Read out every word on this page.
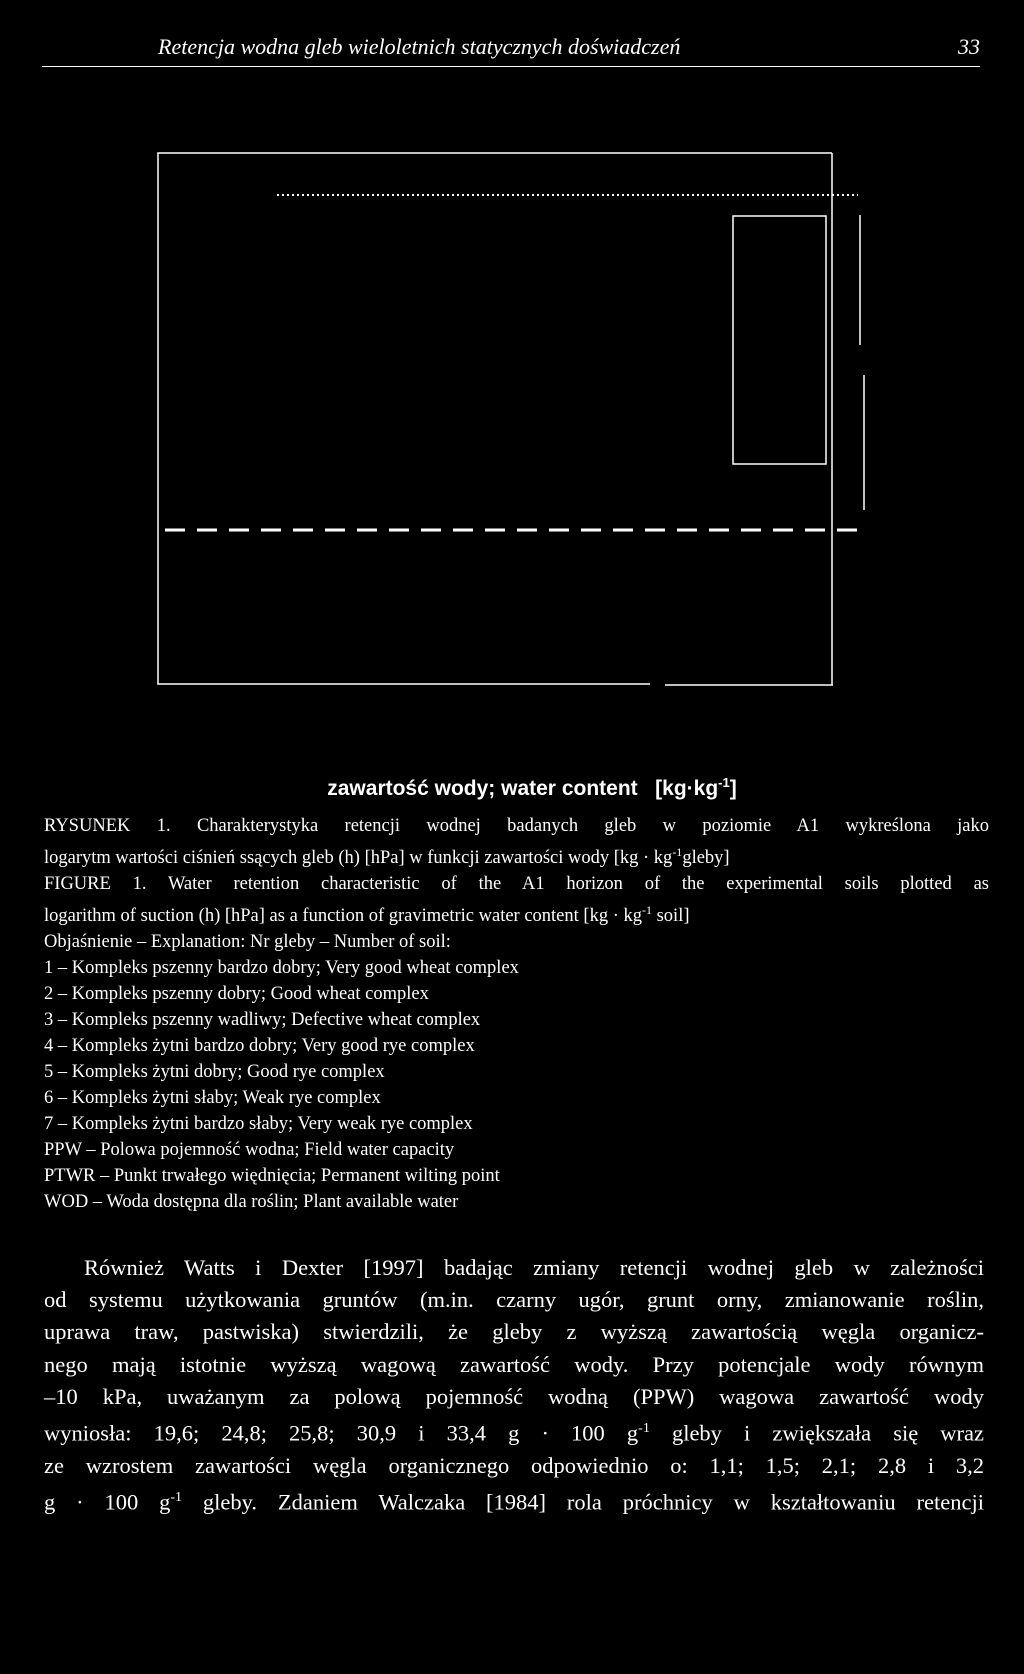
Retencja wodna gleb wieloletnich statycznych doświadczeń	33
zawartość wody; water content $[kg\cdot kg^{-1}]$
RYSUNEK 1. Charakterystyka retencji wodnej badanych gleb w poziomie A1 wykreślona jako
logarytm wartości ciśnień ssących gleb (h) [hPa] w funkcji zawartości wody $[kg \cdot kg^{-1}gleby]$
FIGURE 1. Water retention characteristic of the A1 horizon of the experimental soils plotted as
logarithm of suction (h) [hPa] as a function of gravimetric water content [$kg \cdot kg^{-1}$ soil]
Objaśnienie – Explanation: Nr gleby – Number of soil:
1 – Kompleks pszenny bardzo dobry; Very good wheat complex
2 – Kompleks pszenny dobry; Good wheat complex
3 – Kompleks pszenny wadliwy; Defective wheat complex
4 – Kompleks żytni bardzo dobry; Very good rye complex
5 – Kompleks żytni dobry; Good rye complex
6 – Kompleks żytni słaby; Weak rye complex
7 – Kompleks żytni bardzo słaby; Very weak rye complex
PPW – Polowa pojemność wodna; Field water capacity
PTWR – Punkt trwałego więdnięcia; Permanent wilting point
WOD – Woda dostępna dla roślin; Plant available water
Również Watts i Dexter [1997] badając zmiany retencji wodnej gleb w zależności
od systemu użytkowania gruntów (m.in. czarny ugór, grunt orny, zmianowanie roślin,
uprawa traw, pastwiska) stwierdzili, że gleby z wyższą zawartością węgla organicz-
nego mają istotnie wyższą wagową zawartość wody. Przy potencjale wody równym
–10 kPa, uważanym za polową pojemność wodną (PPW) wagowa zawartość wody
wyniosła: 19,6; 24,8; 25,8; 30,9 i 33,4 g · 100 $g^{-1}$ gleby i zwiększała się wraz
ze wzrostem zawartości węgla organicznego odpowiednio o: 1,1; 1,5; 2,1; 2,8 i 3,2
g · 100 $g^{-1}$ gleby. Zdaniem Walczaka [1984] rola próchnicy w kształtowaniu retencji
